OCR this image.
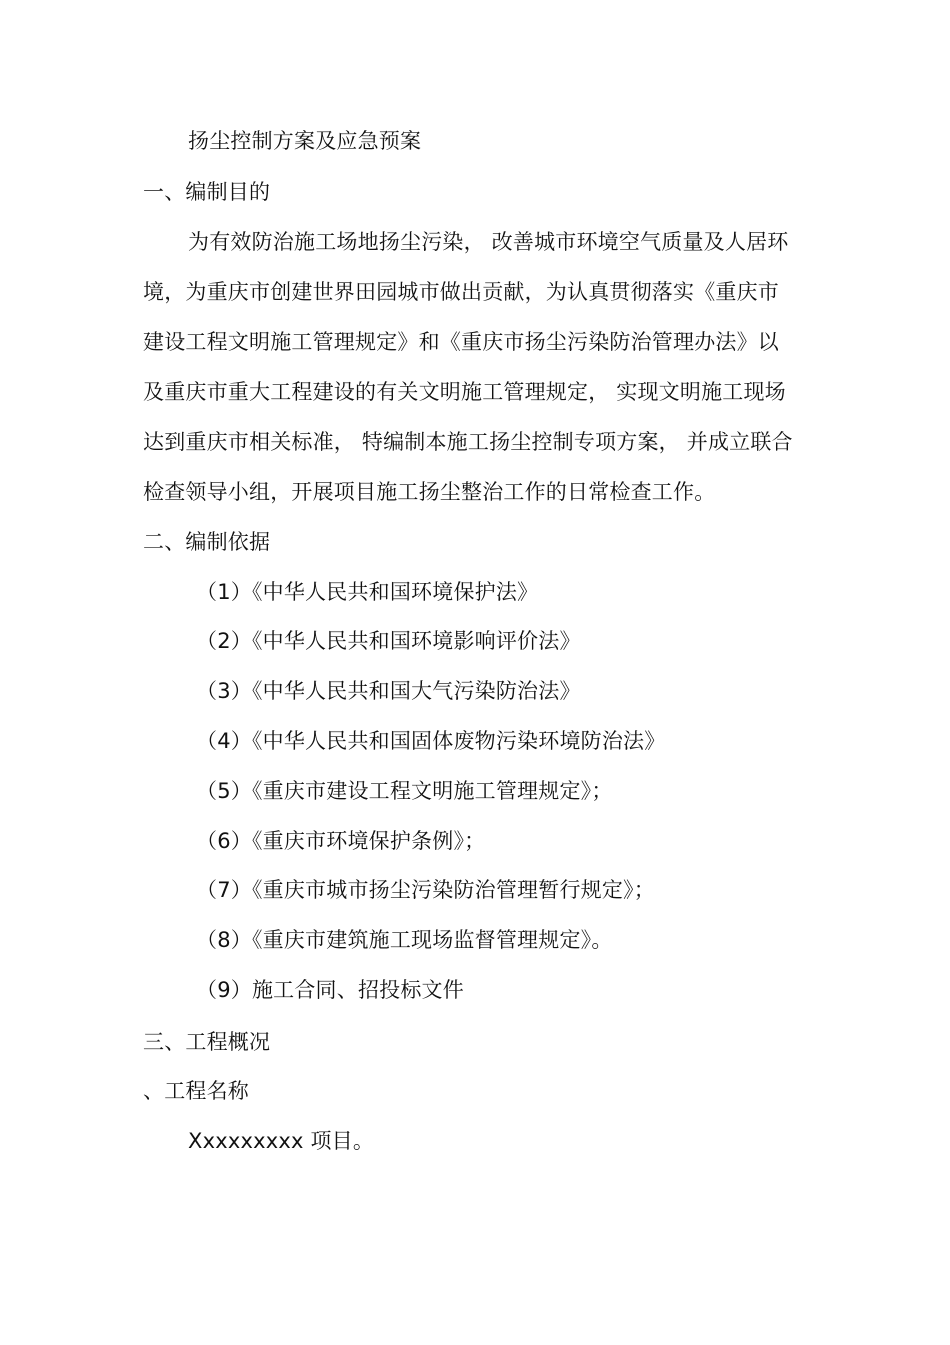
扬尘控制方案及应急预案
一、编制目的
为有效防治施工场地扬尘污染， 改善城市环境空气质量及人居环
境，为重庆市创建世界田园城市做出贡献，为认真贯彻落实《重庆市
建设工程文明施工管理规定》和《重庆市扬尘污染防治管理办法》以
及重庆市重大工程建设的有关文明施工管理规定， 实现文明施工现场
达到重庆市相关标准， 特编制本施工扬尘控制专项方案， 并成立联合
检查领导小组，开展项目施工扬尘整治工作的日常检查工作。
二、编制依据
（1）《中华人民共和国环境保护法》
（2）《中华人民共和国环境影响评价法》
（3）《中华人民共和国大气污染防治法》
（4）《中华人民共和国固体废物污染环境防治法》
（5）《重庆市建设工程文明施工管理规定》；
（6）《重庆市环境保护条例》；
（7）《重庆市城市扬尘污染防治管理暂行规定》；
（8）《重庆市建筑施工现场监督管理规定》。
（9）施工合同、招投标文件
三、工程概况
、工程名称
Xxxxxxxxx 项目。
